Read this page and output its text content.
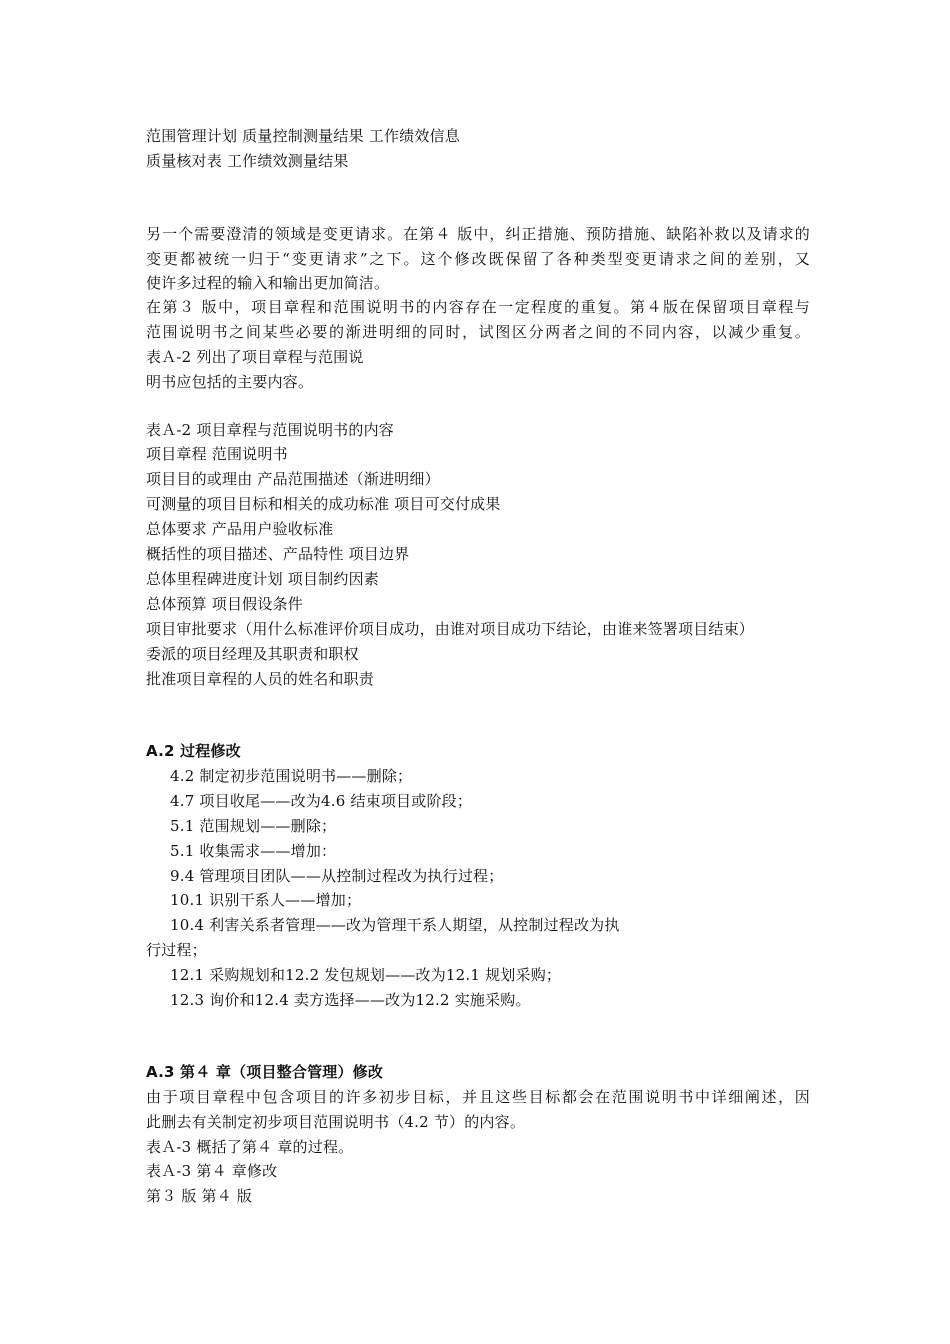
范围管理计划 质量控制测量结果 工作绩效信息
质量核对表 工作绩效测量结果
另一个需要澄清的领域是变更请求。在第４ 版中，纠正措施、预防措施、缺陷补救以及请求的
变更都被统一归于“变更请求”之下。这个修改既保留了各种类型变更请求之间的差别，又
使许多过程的输入和输出更加简洁。
在第３ 版中，项目章程和范围说明书的内容存在一定程度的重复。第４版在保留项目章程与
范围说明书之间某些必要的渐进明细的同时，试图区分两者之间的不同内容，以减少重复。
表Ａ-2 列出了项目章程与范围说
明书应包括的主要内容。
表Ａ-2 项目章程与范围说明书的内容
项目章程 范围说明书
项目目的或理由 产品范围描述（渐进明细）
可测量的项目目标和相关的成功标准 项目可交付成果
总体要求 产品用户验收标准
概括性的项目描述、产品特性 项目边界
总体里程碑进度计划 项目制约因素
总体预算 项目假设条件
项目审批要求（用什么标准评价项目成功，由谁对项目成功下结论，由谁来签署项目结束）
委派的项目经理及其职责和职权
批准项目章程的人员的姓名和职责
A.2 过程修改
4.2 制定初步范围说明书——删除；
4.7 项目收尾——改为4.6 结束项目或阶段；
5.1 范围规划——删除；
5.1 收集需求——增加：
9.4 管理项目团队——从控制过程改为执行过程；
10.1 识别干系人——增加；
10.4 利害关系者管理——改为管理干系人期望，从控制过程改为执
行过程；
12.1 采购规划和12.2 发包规划——改为12.1 规划采购；
12.3 询价和12.4 卖方选择——改为12.2 实施采购。
A.3 第４ 章（项目整合管理）修改
由于项目章程中包含项目的许多初步目标，并且这些目标都会在范围说明书中详细阐述，因
此删去有关制定初步项目范围说明书（4.2 节）的内容。
表Ａ-3 概括了第４ 章的过程。
表Ａ-3 第４ 章修改
第３ 版 第４ 版
